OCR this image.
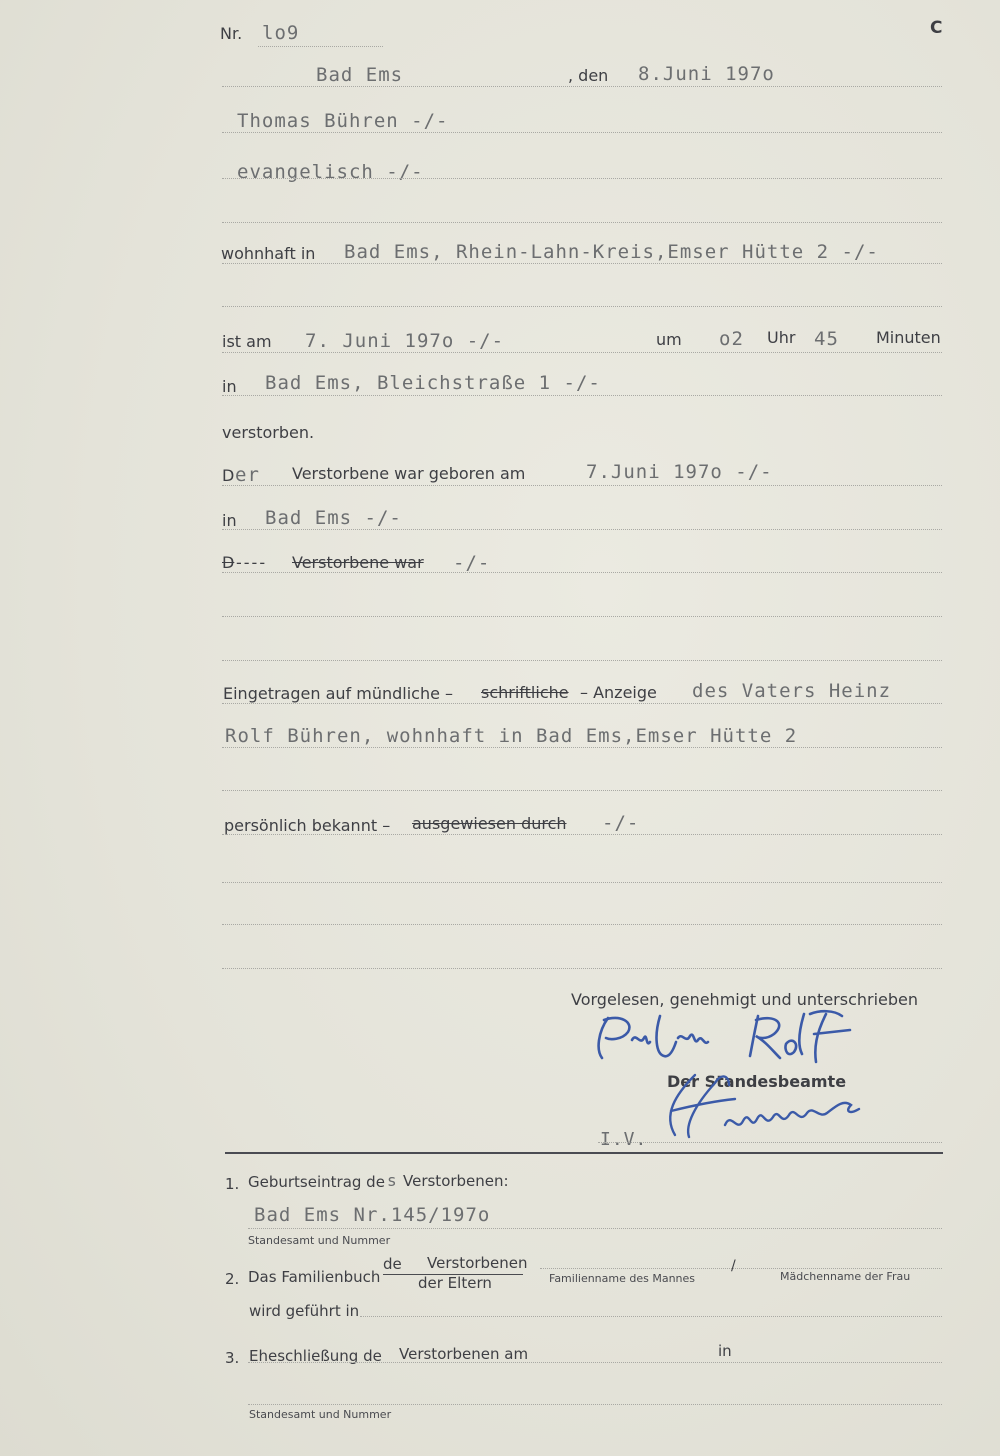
Nr. lo9	C
Bad Ems	, den 8.Juni 197o
Thomas Bühren -/-
evangelisch -/-
wohnhaft in Bad Ems, Rhein-Lahn-Kreis,Emser Hütte 2 -/-
ist am 7. Juni 197o -/-	um o2 Uhr 45 Minuten
in Bad Ems, Bleichstraße 1 -/-
verstorben.
D er Verstorbene war geboren am	7.Juni 197o -/-
in Bad Ems -/-
D ---- Verstorbene war -/-
Eingetragen auf mündliche – schriftliche – Anzeige des Vaters Heinz
Rolf Bühren, wohnhaft in Bad Ems,Emser Hütte 2
persönlich bekannt – ausgewiesen durch -/-
Vorgelesen, genehmigt und unterschrieben
Der Standesbeamte
I.V.
1. Geburtseintrag de s Verstorbenen:
Bad Ems Nr.145/197o
Standesamt und Nummer
2. Das Familienbuch
de Verstorbenen
der Eltern	Familienname des Mannes
/
Mädchenname der Frau
wird geführt in
3. Eheschließung de Verstorbenen am	in
Standesamt und Nummer
